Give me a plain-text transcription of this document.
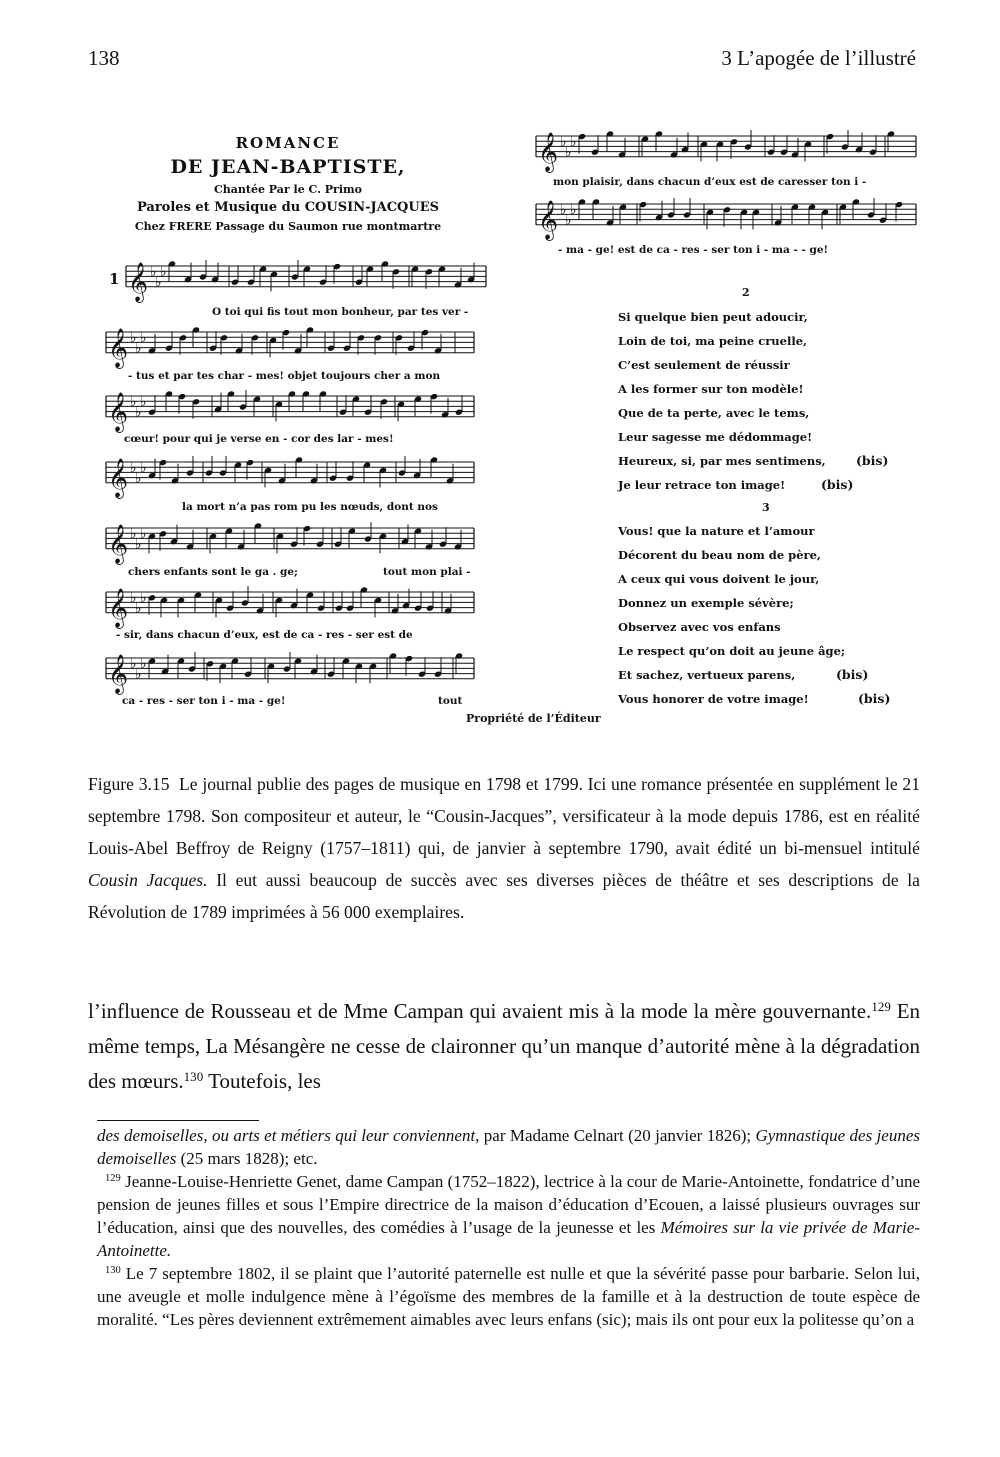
138	3 L’apogée de l’illustré
𝄞 ♭
♭
♭
𝄞 ♭
♭
♭
𝄞 ♭
♭
♭
𝄞 ♭
♭
♭
𝄞 ♭
♭
♭
𝄞 ♭
♭
♭
𝄞 ♭
♭
♭
𝄞 ♭
♭
♭
𝄞 ♭
♭
♭
ROMANCE
DE JEAN-BAPTISTE,
Chantée Par le C. Primo
Paroles et Musique du COUSIN-JACQUES
Chez FRERE Passage du Saumon rue montmartre
1
O toi qui fis tout mon bonheur, par tes ver -
- tus et par tes char - mes! objet toujours cher a mon
cœur! pour qui je verse en - cor des lar - mes!
la mort n’a pas rom pu les nœuds, dont nos
chers enfants sont le ga . ge;	tout mon plai -
- sir, dans chacun d’eux, est de ca - res - ser est de
ca - res - ser ton i - ma - ge!	tout
mon plaisir, dans chacun d’eux est de caresser ton i -
- ma - ge! est de ca - res - ser ton i - ma - - ge!
Propriété de l’Éditeur
2
Si quelque bien peut adoucir,
Loin de toi, ma peine cruelle,
C’est seulement de réussir
A les former sur ton modèle!
Que de ta perte, avec le tems,
Leur sagesse me dédommage!
Heureux, si, par mes sentimens, (bis)
Je leur retrace ton image!	(bis)
3
Vous! que la nature et l’amour
Décorent du beau nom de père,
A ceux qui vous doivent le jour,
Donnez un exemple sévère;
Observez avec vos enfans
Le respect qu’on doit au jeune âge;
Et sachez, vertueux parens,	(bis)
Vous honorer de votre image!	(bis)
Figure 3.15 Le journal publie des pages de musique en 1798 et 1799. Ici une romance présentée en supplément le 21 septembre 1798. Son compositeur et auteur, le “Cousin-Jacques”, versificateur à la mode depuis 1786, est en réalité Louis-Abel Beffroy de Reigny (1757–1811) qui, de janvier à septembre 1790, avait édité un bi-mensuel intitulé Cousin Jacques. Il eut aussi beaucoup de succès avec ses diverses pièces de théâtre et ses descriptions de la Révolution de 1789 imprimées à 56 000 exemplaires.
l’influence de Rousseau et de Mme Campan qui avaient mis à la mode la mère gouvernante.$^{129}$ En même temps, La Mésangère ne cesse de claironner qu’un manque d’autorité mène à la dégradation des mœurs.$^{130}$ Toutefois, les

des demoiselles, ou arts et métiers qui leur conviennent, par Madame Celnart (20 janvier 1826); Gymnastique des jeunes demoiselles (25 mars 1828); etc.

$^{129}$ Jeanne-Louise-Henriette Genet, dame Campan (1752–1822), lectrice à la cour de Marie-Antoinette, fondatrice d’une pension de jeunes filles et sous l’Empire directrice de la maison d’éducation d’Ecouen, a laissé plusieurs ouvrages sur l’éducation, ainsi que des nouvelles, des comédies à l’usage de la jeunesse et les Mémoires sur la vie privée de Marie-Antoinette.

$^{130}$ Le 7 septembre 1802, il se plaint que l’autorité paternelle est nulle et que la sévérité passe pour barbarie. Selon lui, une aveugle et molle indulgence mène à l’égoïsme des membres de la famille et à la destruction de toute espèce de moralité. “Les pères deviennent extrêmement aimables avec leurs enfans (sic); mais ils ont pour eux la politesse qu’on a
